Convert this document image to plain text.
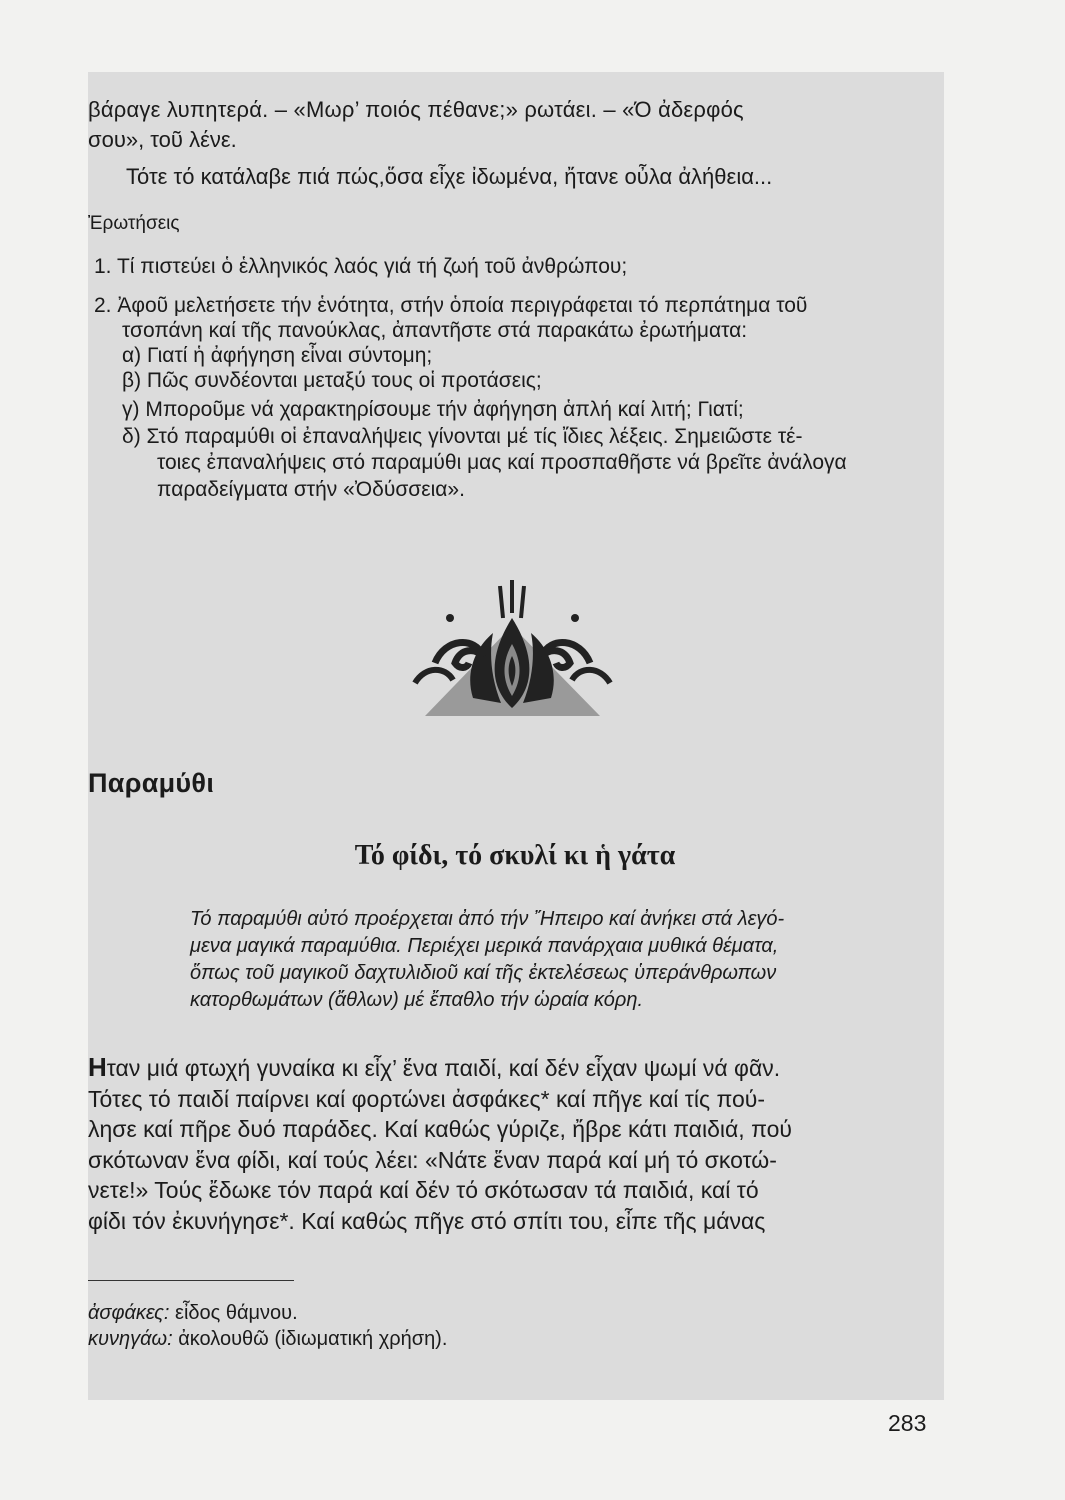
βάραγε λυπητερά. – «Μωρ’ ποιός πέθανε;» ρωτάει. – «Ό ἀδερφός
σου», τοῦ λένε.
Τότε τό κατάλαβε πιά πώς,ὅσα εἶχε ἰδωμένα, ἤτανε οὖλα ἀλήθεια...
Ἐρωτήσεις
1. Τί πιστεύει ὁ ἑλληνικός λαός γιά τή ζωή τοῦ ἀνθρώπου;
2. Ἀφοῦ μελετήσετε τήν ἑνότητα, στήν ὁποία περιγράφεται τό περπάτημα τοῦ
τσοπάνη καί τῆς πανούκλας, ἀπαντῆστε στά παρακάτω ἐρωτήματα:
α) Γιατί ἡ ἀφήγηση εἶναι σύντομη;
β) Πῶς συνδέονται μεταξύ τους οἱ προτάσεις;
γ) Μποροῦμε νά χαρακτηρίσουμε τήν ἀφήγηση ἁπλή καί λιτή; Γιατί;
δ) Στό παραμύθι οἱ ἐπαναλήψεις γίνονται μέ τίς ἴδιες λέξεις. Σημειῶστε τέ-
τοιες ἐπαναλήψεις στό παραμύθι μας καί προσπαθῆστε νά βρεῖτε ἀνάλογα
παραδείγματα στήν «Ὀδύσσεια».
Παραμύθι
Τό φίδι, τό σκυλί κι ἡ γάτα
Τό παραμύθι αὐτό προέρχεται ἀπό τήν Ἤπειρο καί ἀνήκει στά λεγό-
μενα μαγικά παραμύθια. Περιέχει μερικά πανάρχαια μυθικά θέματα,
ὅπως τοῦ μαγικοῦ δαχτυλιδιοῦ καί τῆς ἐκτελέσεως ὑπεράνθρωπων
κατορθωμάτων (ἄθλων) μέ ἔπαθλο τήν ὡραία κόρη.
Ηταν μιά φτωχή γυναίκα κι εἶχ’ ἕνα παιδί, καί δέν εἶχαν ψωμί νά φᾶν.
Τότες τό παιδί παίρνει καί φορτώνει ἀσφάκες* καί πῆγε καί τίς πού-
λησε καί πῆρε δυό παράδες. Καί καθώς γύριζε, ἤβρε κάτι παιδιά, πού
σκότωναν ἕνα φίδι, καί τούς λέει: «Νάτε ἕναν παρά καί μή τό σκοτώ-
νετε!» Τούς ἔδωκε τόν παρά καί δέν τό σκότωσαν τά παιδιά, καί τό
φίδι τόν ἐκυνήγησε*. Καί καθώς πῆγε στό σπίτι του, εἶπε τῆς μάνας
ἀσφάκες: εἶδος θάμνου.
κυνηγάω: ἀκολουθῶ (ἰδιωματική χρήση).
283
